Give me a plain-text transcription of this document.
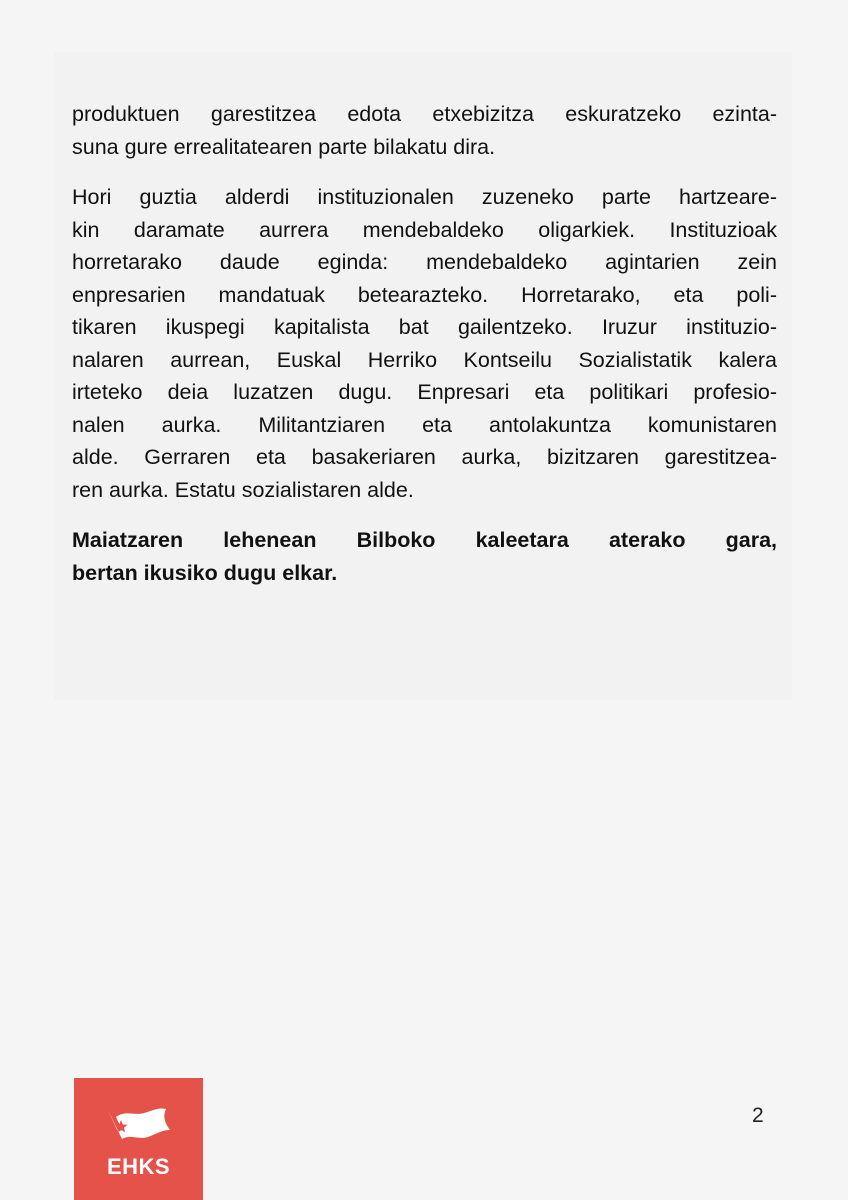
produktuen garestitzea edota etxebizitza eskuratzeko ezinta-

suna gure errealitatearen parte bilakatu dira.

Hori guztia alderdi instituzionalen zuzeneko parte hartzeare-

kin daramate aurrera mendebaldeko oligarkiek. Instituzioak

horretarako daude eginda: mendebaldeko agintarien zein

enpresarien mandatuak betearazteko. Horretarako, eta poli-

tikaren ikuspegi kapitalista bat gailentzeko. Iruzur instituzio-

nalaren aurrean, Euskal Herriko Kontseilu Sozialistatik kalera

irteteko deia luzatzen dugu. Enpresari eta politikari profesio-

nalen aurka. Militantziaren eta antolakuntza komunistaren

alde. Gerraren eta basakeriaren aurka, bizitzaren garestitzea-

ren aurka. Estatu sozialistaren alde.

Maiatzaren lehenean Bilboko kaleetara aterako gara,

bertan ikusiko dugu elkar.

2
EHKS
